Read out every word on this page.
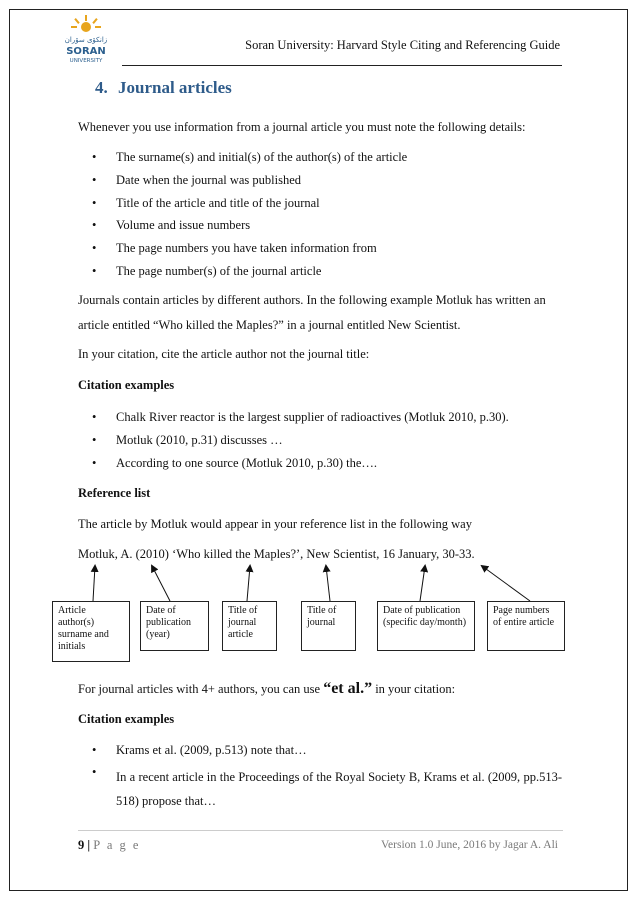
زانكۆی سۆران
SORAN
UNIVERSITY
Soran University: Harvard Style Citing and Referencing Guide
4. Journal articles
Whenever you use information from a journal article you must note the following details:
• The surname(s) and initial(s) of the author(s) of the article
• Date when the journal was published
• Title of the article and title of the journal
• Volume and issue numbers
• The page numbers you have taken information from
• The page number(s) of the journal article
Journals contain articles by different authors. In the following example Motluk has written an
article entitled “Who killed the Maples?” in a journal entitled New Scientist.
In your citation, cite the article author not the journal title:
Citation examples
• Chalk River reactor is the largest supplier of radioactives (Motluk 2010, p.30).
• Motluk (2010, p.31) discusses …
• According to one source (Motluk 2010, p.30) the….
Reference list
The article by Motluk would appear in your reference list in the following way
Motluk, A. (2010) ‘Who killed the Maples?’, New Scientist, 16 January, 30-33.
Article author(s) surname and initials
Date of publication (year)
Title of journal article
Title of journal
Date of publication (specific day/month)
Page numbers of entire article
For journal articles with 4+ authors, you can use “et al.” in your citation:
Citation examples
• Krams et al. (2009, p.513) note that…
• In a recent article in the Proceedings of the Royal Society B, Krams et al. (2009, pp.513-518) propose that…
9 | P a g e	Version 1.0 June, 2016 by Jagar A. Ali
